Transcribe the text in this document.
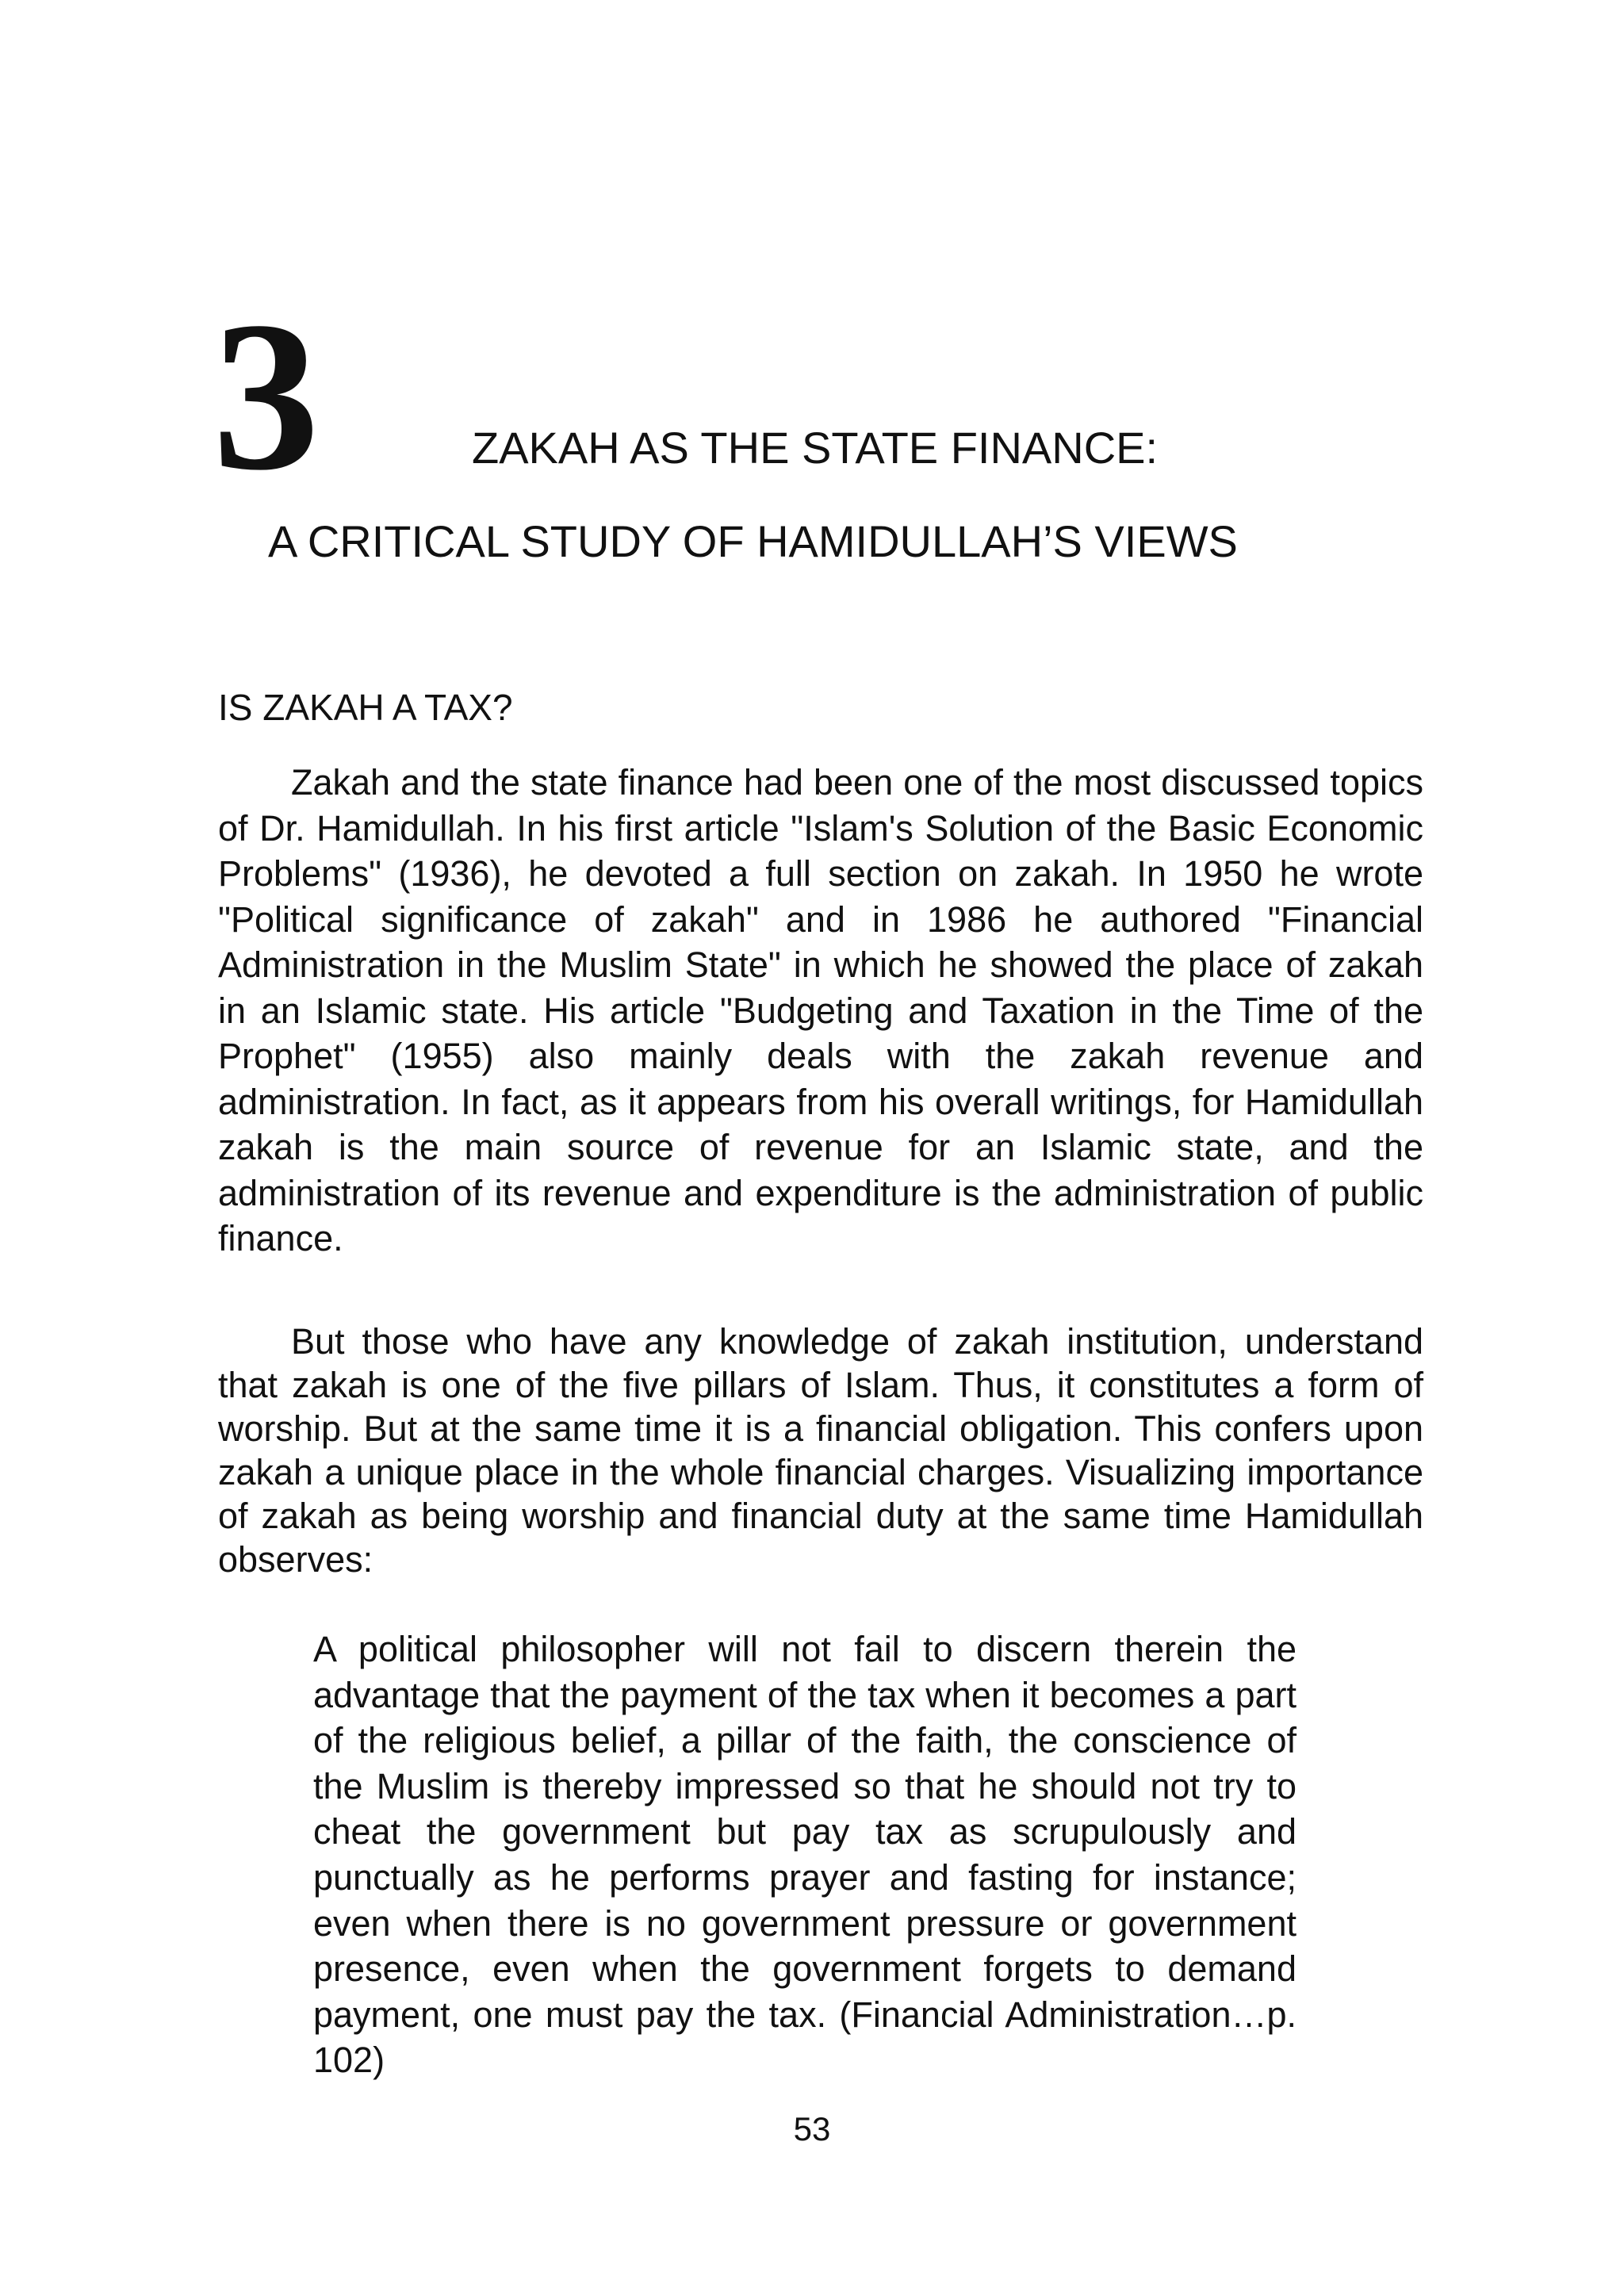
3	ZAKAH AS THE STATE FINANCE:
A CRITICAL STUDY OF HAMIDULLAH’S VIEWS
IS ZAKAH A TAX?

Zakah and the state finance had been one of the most discussed topics of Dr. Hamidullah. In his first article "Islam's Solution of the Basic Economic Problems" (1936), he devoted a full section on zakah. In 1950 he wrote "Political significance of zakah" and in 1986 he authored "Financial Administration in the Muslim State" in which he showed the place of zakah in an Islamic state. His article "Budgeting and Taxation in the Time of the Prophet" (1955) also mainly deals with the zakah revenue and administration. In fact, as it appears from his overall writings, for Hamidullah zakah is the main source of revenue for an Islamic state, and the administration of its revenue and expenditure is the administration of public finance.

But those who have any knowledge of zakah institution, understand that zakah is one of the five pillars of Islam. Thus, it constitutes a form of worship. But at the same time it is a financial obligation. This confers upon zakah a unique place in the whole financial charges. Visualizing importance of zakah as being worship and financial duty at the same time Hamidullah observes:

A political philosopher will not fail to discern therein the advantage that the payment of the tax when it becomes a part of the religious belief, a pillar of the faith, the conscience of the Muslim is thereby impressed so that he should not try to cheat the government but pay tax as scrupulously and punctually as he performs prayer and fasting for instance; even when there is no government pressure or government presence, even when the government forgets to demand payment, one must pay the tax. (Financial Administration…p. 102)

53
